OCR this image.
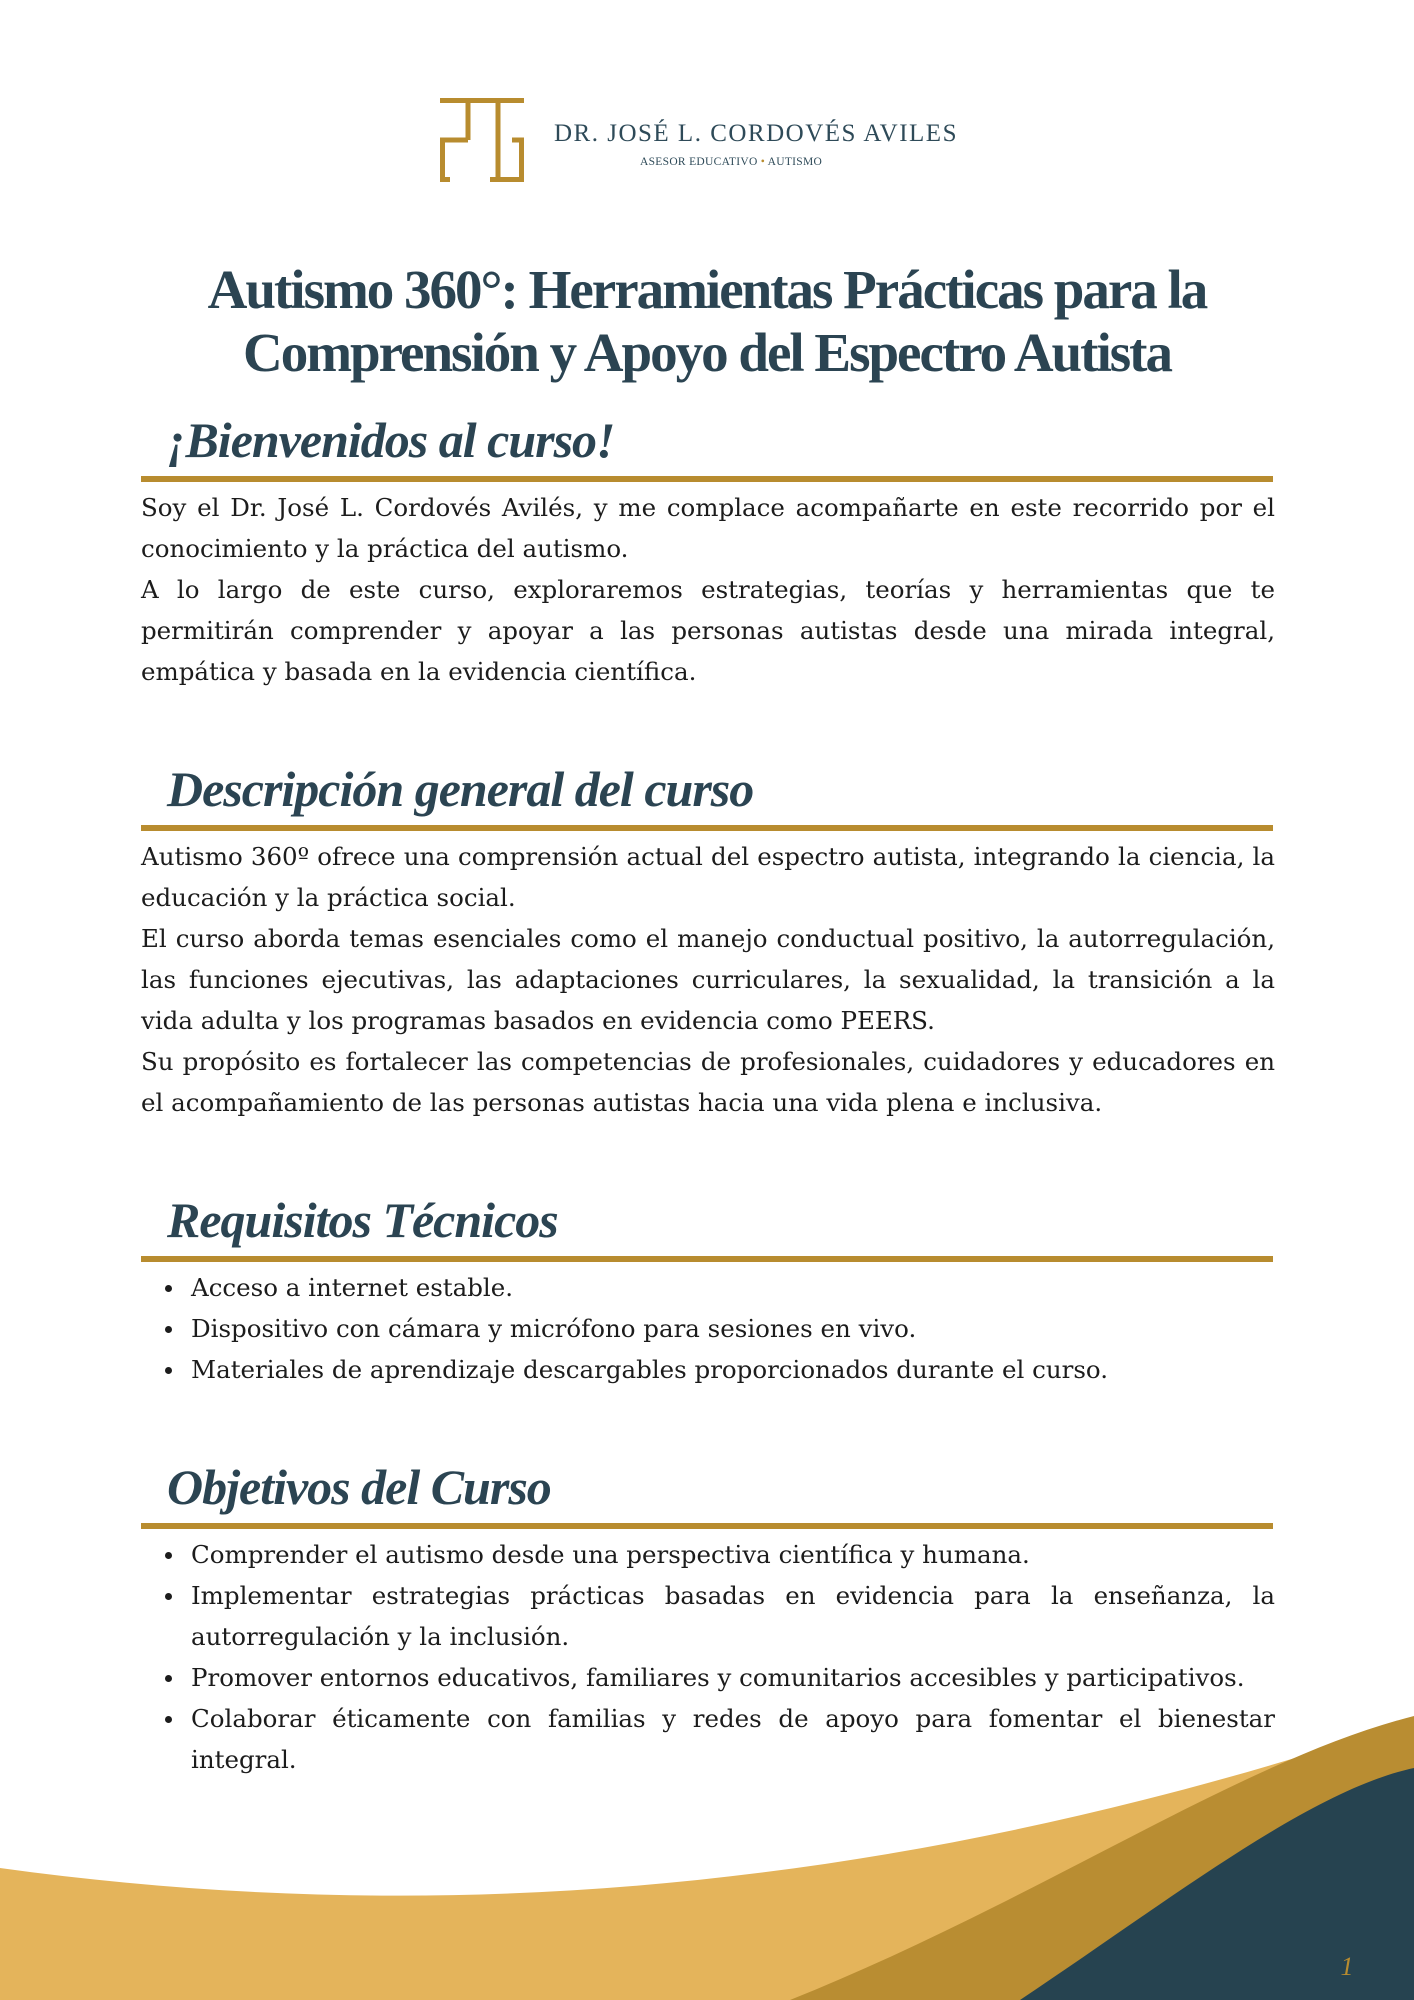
DR. JOSÉ L. CORDOVÉS AVILES
ASESOR EDUCATIVO • AUTISMO
Autismo 360°: Herramientas Prácticas para la
Comprensión y Apoyo del Espectro Autista
¡Bienvenidos al curso!

Soy el Dr. José L. Cordovés Avilés, y me complace acompañarte en este recorrido por el conocimiento y la práctica del autismo.

A lo largo de este curso, exploraremos estrategias, teorías y herramientas que te permitirán comprender y apoyar a las personas autistas desde una mirada integral, empática y basada en la evidencia científica.

Descripción general del curso

Autismo 360º ofrece una comprensión actual del espectro autista, integrando la ciencia, la educación y la práctica social.

El curso aborda temas esenciales como el manejo conductual positivo, la autorregulación, las funciones ejecutivas, las adaptaciones curriculares, la sexualidad, la transición a la vida adulta y los programas basados en evidencia como PEERS.

Su propósito es fortalecer las competencias de profesionales, cuidadores y educadores en el acompañamiento de las personas autistas hacia una vida plena e inclusiva.

Requisitos Técnicos
Acceso a internet estable.
Dispositivo con cámara y micrófono para sesiones en vivo.
Materiales de aprendizaje descargables proporcionados durante el curso.
Objetivos del Curso
Comprender el autismo desde una perspectiva científica y humana.
Implementar estrategias prácticas basadas en evidencia para la enseñanza, la autorregulación y la inclusión.
Promover entornos educativos, familiares y comunitarios accesibles y participativos.
Colaborar éticamente con familias y redes de apoyo para fomentar el bienestar integral.
1
